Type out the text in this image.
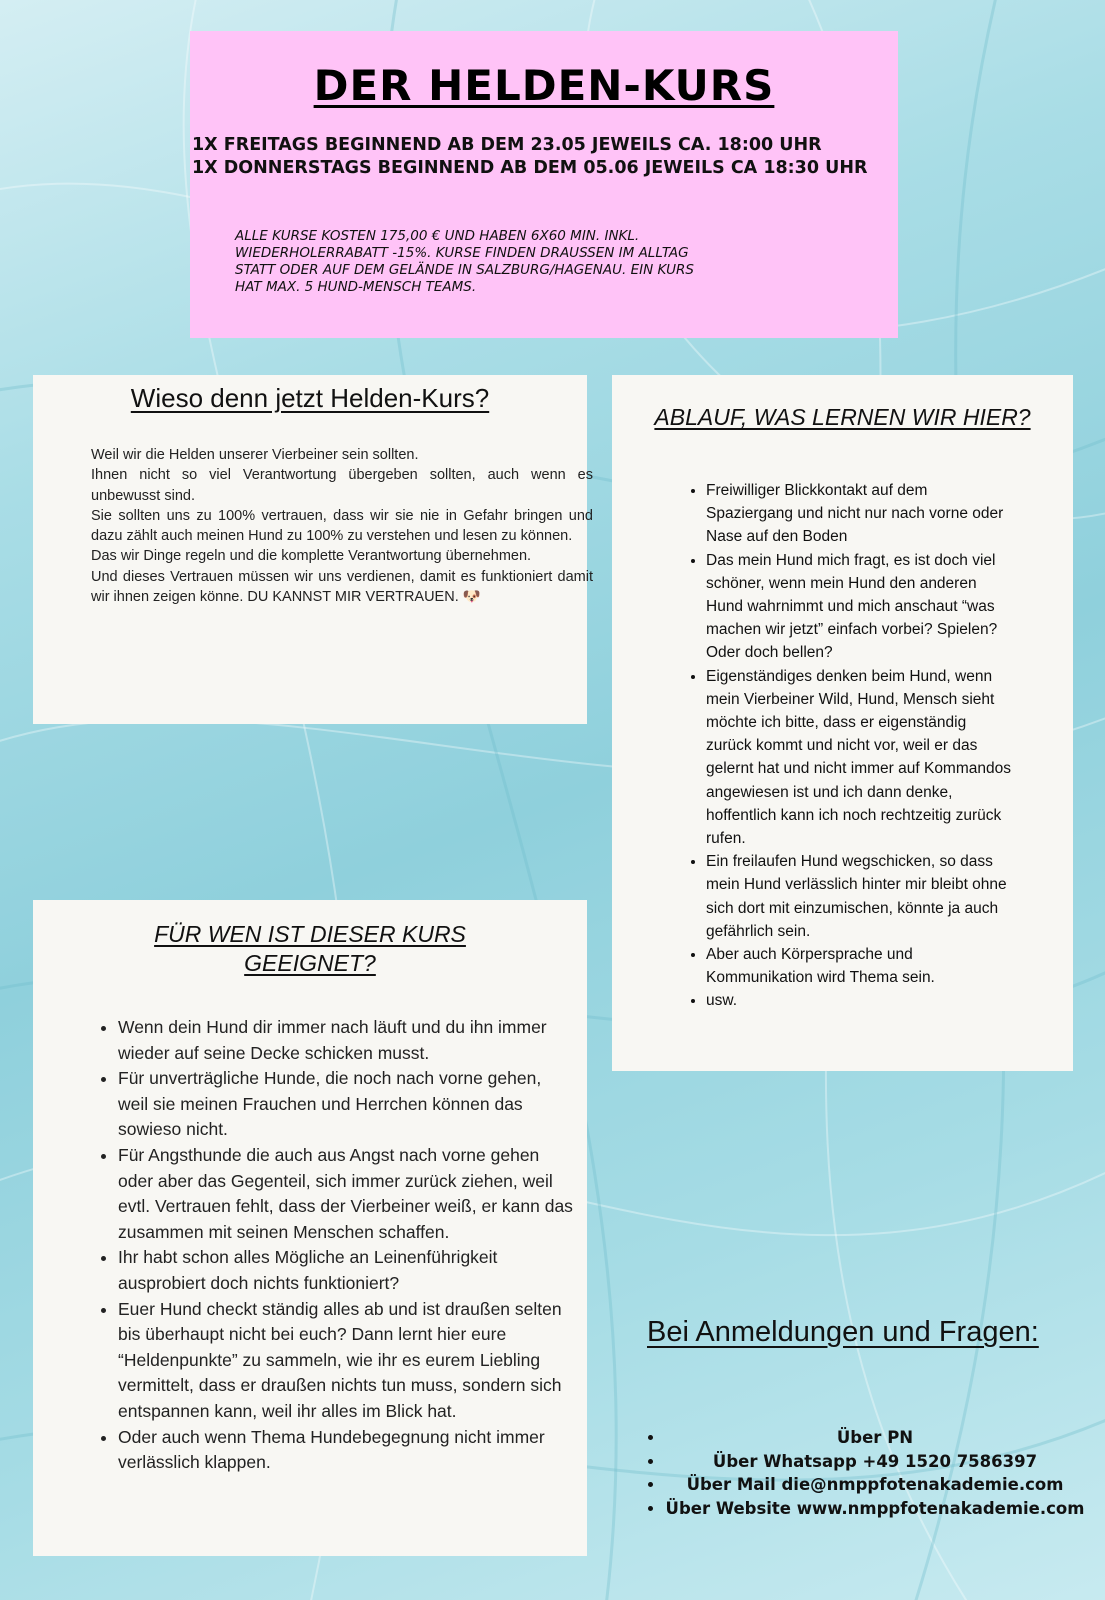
DER HELDEN-KURS
1X FREITAGS BEGINNEND AB DEM 23.05 JEWEILS CA. 18:00 UHR
1X DONNERSTAGS BEGINNEND AB DEM 05.06 JEWEILS CA 18:30 UHR
ALLE KURSE KOSTEN 175,00 € UND HABEN 6X60 MIN. INKL.
WIEDERHOLERRABATT -15%. KURSE FINDEN DRAUSSEN IM ALLTAG
STATT ODER AUF DEM GELÄNDE IN SALZBURG/HAGENAU. EIN KURS
HAT MAX. 5 HUND-MENSCH TEAMS.
Wieso denn jetzt Helden-Kurs?

Weil wir die Helden unserer Vierbeiner sein sollten.

Ihnen nicht so viel Verantwortung übergeben sollten, auch wenn es unbewusst sind.

Sie sollten uns zu 100% vertrauen, dass wir sie nie in Gefahr bringen und dazu zählt auch meinen Hund zu 100% zu verstehen und lesen zu können.

Das wir Dinge regeln und die komplette Verantwortung übernehmen.

Und dieses Vertrauen müssen wir uns verdienen, damit es funktioniert damit wir ihnen zeigen könne. DU KANNST MIR VERTRAUEN. 🐶

ABLAUF, WAS LERNEN WIR HIER?
• Freiwilliger Blickkontakt auf dem Spaziergang und nicht nur nach vorne oder Nase auf den Boden
• Das mein Hund mich fragt, es ist doch viel schöner, wenn mein Hund den anderen Hund wahrnimmt und mich anschaut “was machen wir jetzt” einfach vorbei? Spielen? Oder doch bellen?
• Eigenständiges denken beim Hund, wenn mein Vierbeiner Wild, Hund, Mensch sieht möchte ich bitte, dass er eigenständig zurück kommt und nicht vor, weil er das gelernt hat und nicht immer auf Kommandos angewiesen ist und ich dann denke, hoffentlich kann ich noch rechtzeitig zurück rufen.
• Ein freilaufen Hund wegschicken, so dass mein Hund verlässlich hinter mir bleibt ohne sich dort mit einzumischen, könnte ja auch gefährlich sein.
• Aber auch Körpersprache und Kommunikation wird Thema sein.
• usw.
FÜR WEN IST DIESER KURS GEEIGNET?
• Wenn dein Hund dir immer nach läuft und du ihn immer wieder auf seine Decke schicken musst.
• Für unverträgliche Hunde, die noch nach vorne gehen, weil sie meinen Frauchen und Herrchen können das sowieso nicht.
• Für Angsthunde die auch aus Angst nach vorne gehen oder aber das Gegenteil, sich immer zurück ziehen, weil evtl. Vertrauen fehlt, dass der Vierbeiner weiß, er kann das zusammen mit seinen Menschen schaffen.
• Ihr habt schon alles Mögliche an Leinenführigkeit ausprobiert doch nichts funktioniert?
• Euer Hund checkt ständig alles ab und ist draußen selten bis überhaupt nicht bei euch? Dann lernt hier eure “Heldenpunkte” zu sammeln, wie ihr es eurem Liebling vermittelt, dass er draußen nichts tun muss, sondern sich entspannen kann, weil ihr alles im Blick hat.
• Oder auch wenn Thema Hundebegegnung nicht immer verlässlich klappen.
Bei Anmeldungen und Fragen:
• Über PN
• Über Whatsapp +49 1520 7586397
• Über Mail die@nmppfotenakademie.com
• Über Website www.nmppfotenakademie.com
